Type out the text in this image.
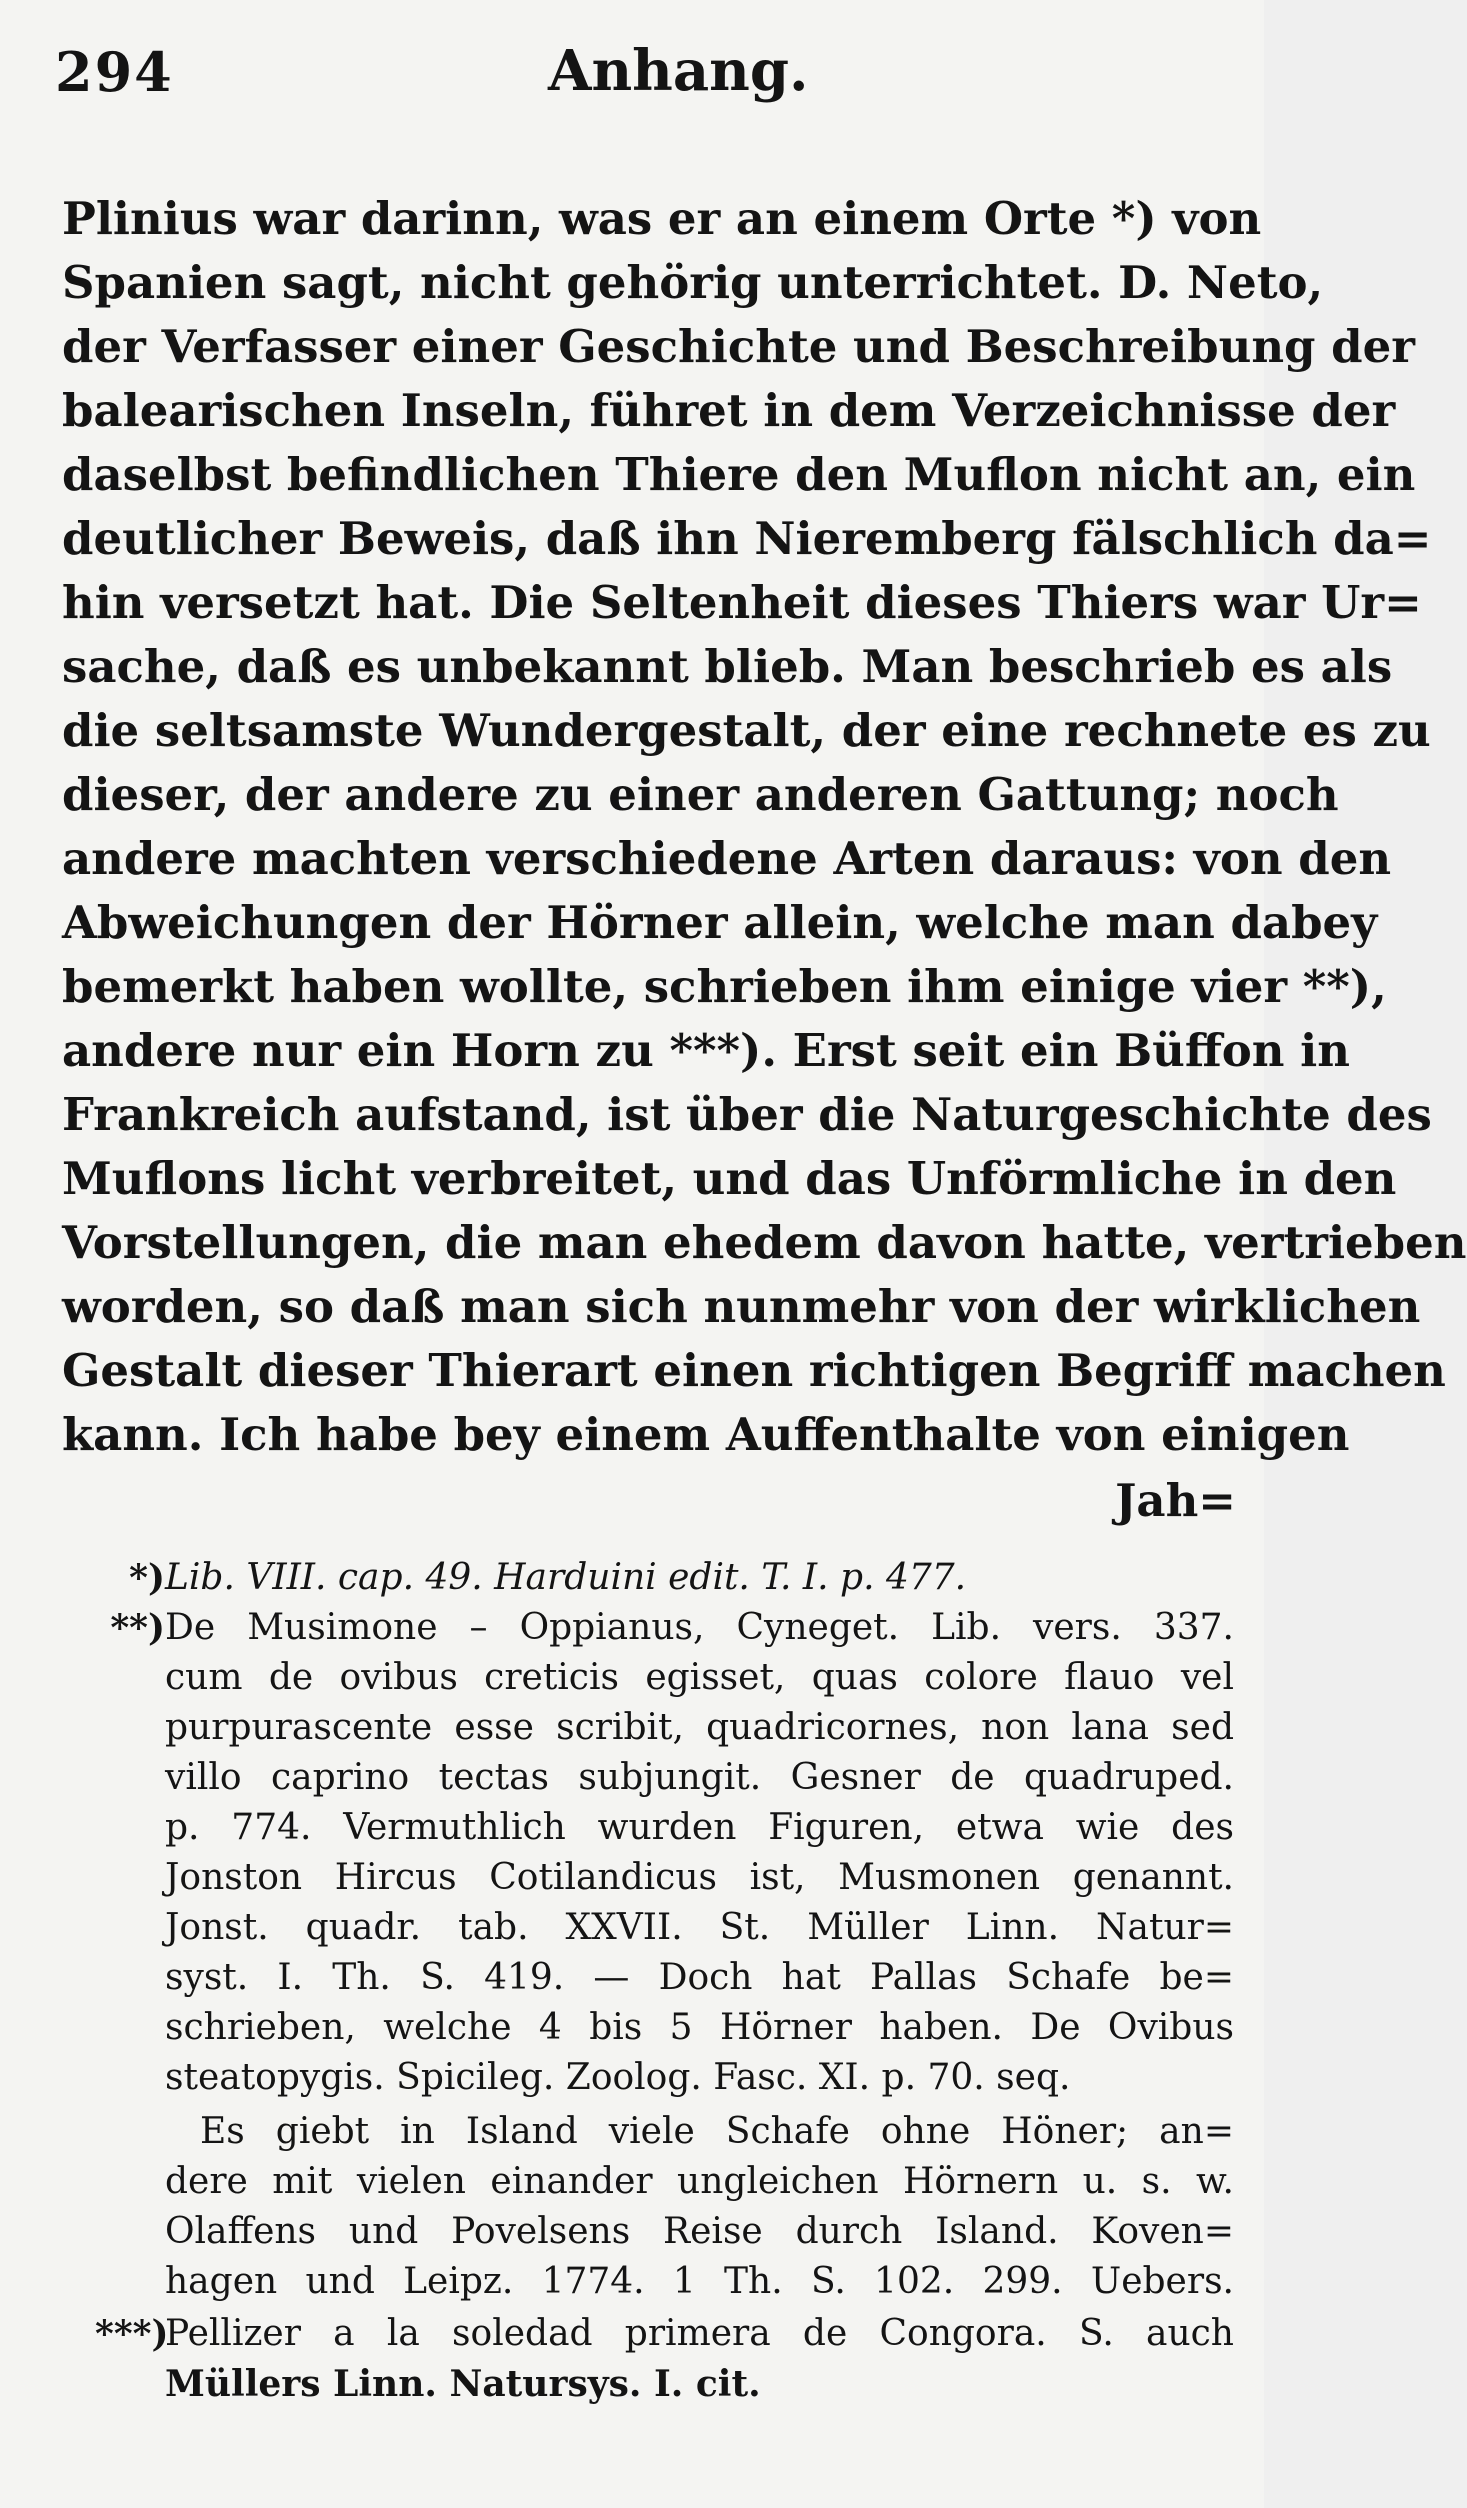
294	Anhang.
Plinius war darinn, was er an einem Orte *) von
Spanien sagt, nicht gehörig unterrichtet. D. Neto,
der Verfasser einer Geschichte und Beschreibung der
balearischen Inseln, führet in dem Verzeichnisse der
daselbst befindlichen Thiere den Muflon nicht an, ein
deutlicher Beweis, daß ihn Nieremberg fälschlich da=
hin versetzt hat. Die Seltenheit dieses Thiers war Ur=
sache, daß es unbekannt blieb. Man beschrieb es als
die seltsamste Wundergestalt, der eine rechnete es zu
dieser, der andere zu einer anderen Gattung; noch
andere machten verschiedene Arten daraus: von den
Abweichungen der Hörner allein, welche man dabey
bemerkt haben wollte, schrieben ihm einige vier **),
andere nur ein Horn zu ***). Erst seit ein Büffon in
Frankreich aufstand, ist über die Naturgeschichte des
Muflons licht verbreitet, und das Unförmliche in den
Vorstellungen, die man ehedem davon hatte, vertrieben
worden, so daß man sich nunmehr von der wirklichen
Gestalt dieser Thierart einen richtigen Begriff machen
kann. Ich habe bey einem Auffenthalte von einigen
Jah=
*) Lib. VIII. cap. 49. Harduini edit. T. I. p. 477.
**) De Musimone – Oppianus, Cyneget. Lib. vers. 337.
cum de ovibus creticis egisset, quas colore flauo vel
purpurascente esse scribit, quadricornes, non lana sed
villo caprino tectas subjungit. Gesner de quadruped.
p. 774. Vermuthlich wurden Figuren, etwa wie des
Jonston Hircus Cotilandicus ist, Musmonen genannt.
Jonst. quadr. tab. XXVII. St. Müller Linn. Natur=
syst. I. Th. S. 419. — Doch hat Pallas Schafe be=
schrieben, welche 4 bis 5 Hörner haben. De Ovibus
steatopygis. Spicileg. Zoolog. Fasc. XI. p. 70. seq.
Es giebt in Island viele Schafe ohne Höner; an=
dere mit vielen einander ungleichen Hörnern u. s. w.
Olaffens und Povelsens Reise durch Island. Koven=
hagen und Leipz. 1774. 1 Th. S. 102. 299. Uebers.
***)
Pellizer a la soledad primera de Congora. S. auch
Müllers Linn. Natursys. I. cit.
